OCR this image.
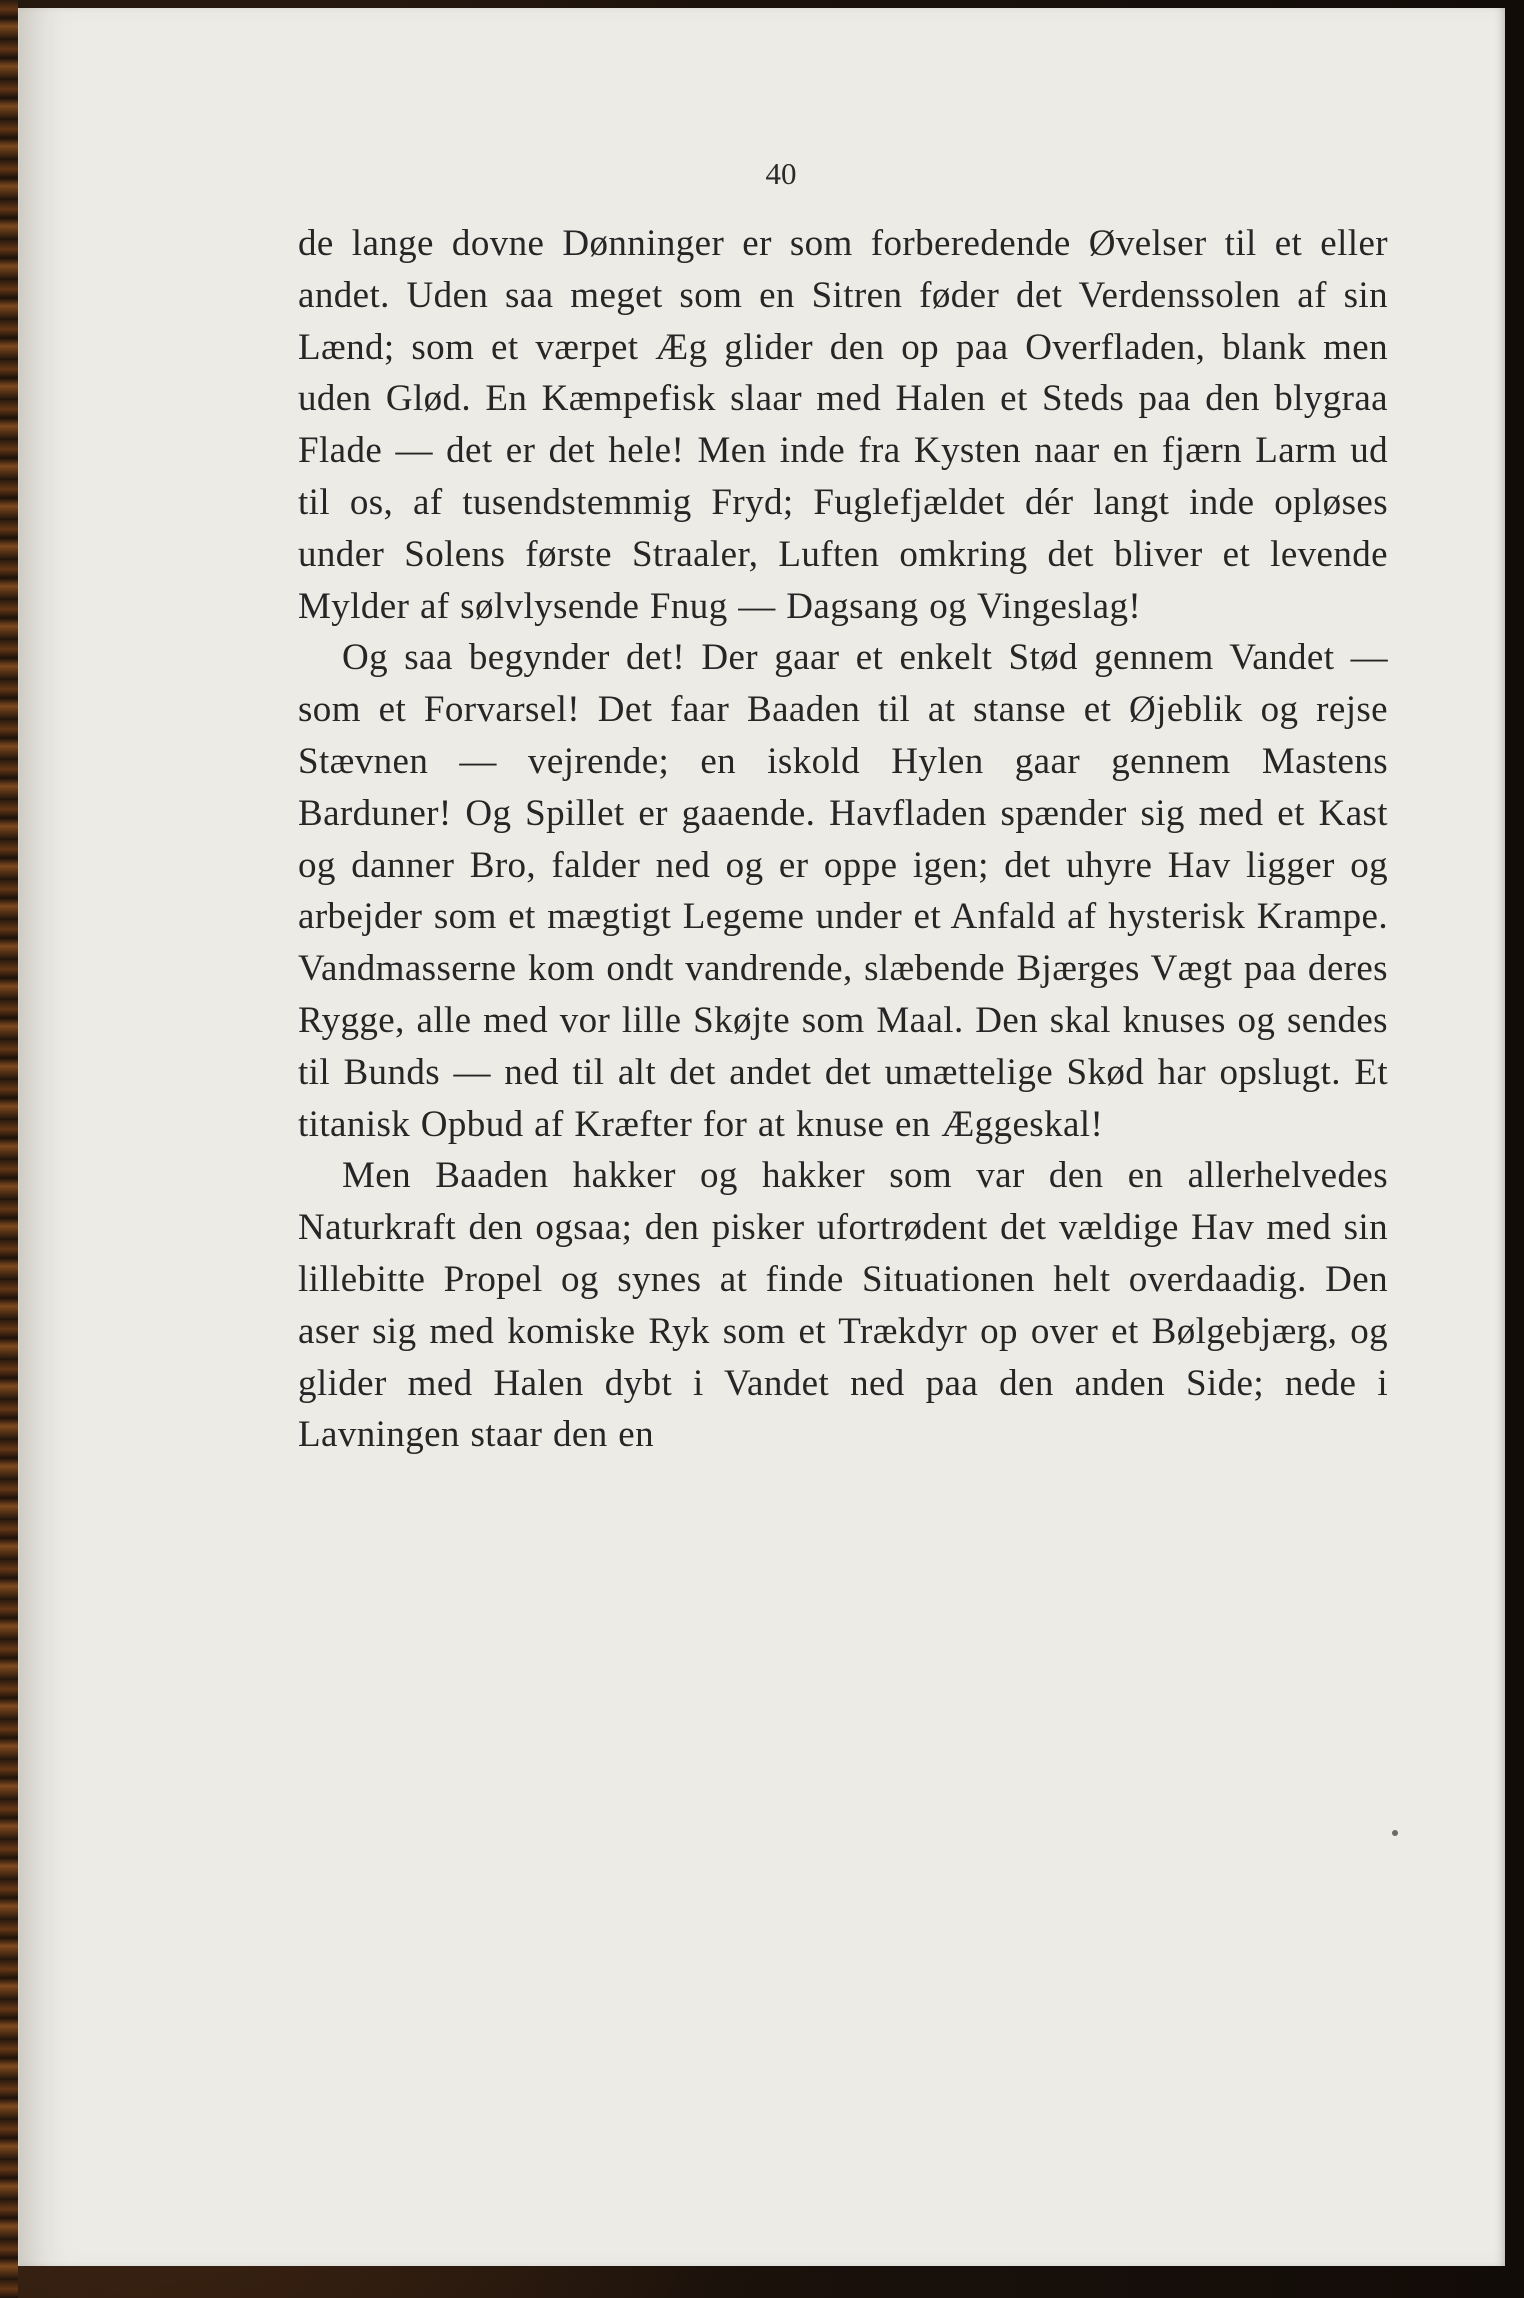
40

de lange dovne Dønninger er som forberedende Øvelser til et eller andet. Uden saa meget som en Sitren føder det Verdenssolen af sin Lænd; som et værpet Æg glider den op paa Overfladen, blank men uden Glød. En Kæmpefisk slaar med Halen et Steds paa den blygraa Flade — det er det hele! Men inde fra Kysten naar en fjærn Larm ud til os, af tusendstemmig Fryd; Fuglefjældet dér langt inde opløses under Solens første Straaler, Luften omkring det bliver et levende Mylder af sølvlysende Fnug — Dagsang og Vingeslag!

Og saa begynder det! Der gaar et enkelt Stød gennem Vandet — som et Forvarsel! Det faar Baaden til at stanse et Øjeblik og rejse Stævnen — vejrende; en iskold Hylen gaar gennem Mastens Barduner! Og Spillet er gaaende. Havfladen spænder sig med et Kast og danner Bro, falder ned og er oppe igen; det uhyre Hav ligger og arbejder som et mægtigt Legeme under et Anfald af hysterisk Krampe. Vandmasserne kom ondt vandrende, slæbende Bjærges Vægt paa deres Rygge, alle med vor lille Skøjte som Maal. Den skal knuses og sendes til Bunds — ned til alt det andet det umættelige Skød har opslugt. Et titanisk Opbud af Kræfter for at knuse en Æggeskal!

Men Baaden hakker og hakker som var den en allerhelvedes Naturkraft den ogsaa; den pisker ufortrødent det vældige Hav med sin lillebitte Propel og synes at finde Situationen helt overdaadig. Den aser sig med komiske Ryk som et Trækdyr op over et Bølgebjærg, og glider med Halen dybt i Vandet ned paa den anden Side; nede i Lavningen staar den en
